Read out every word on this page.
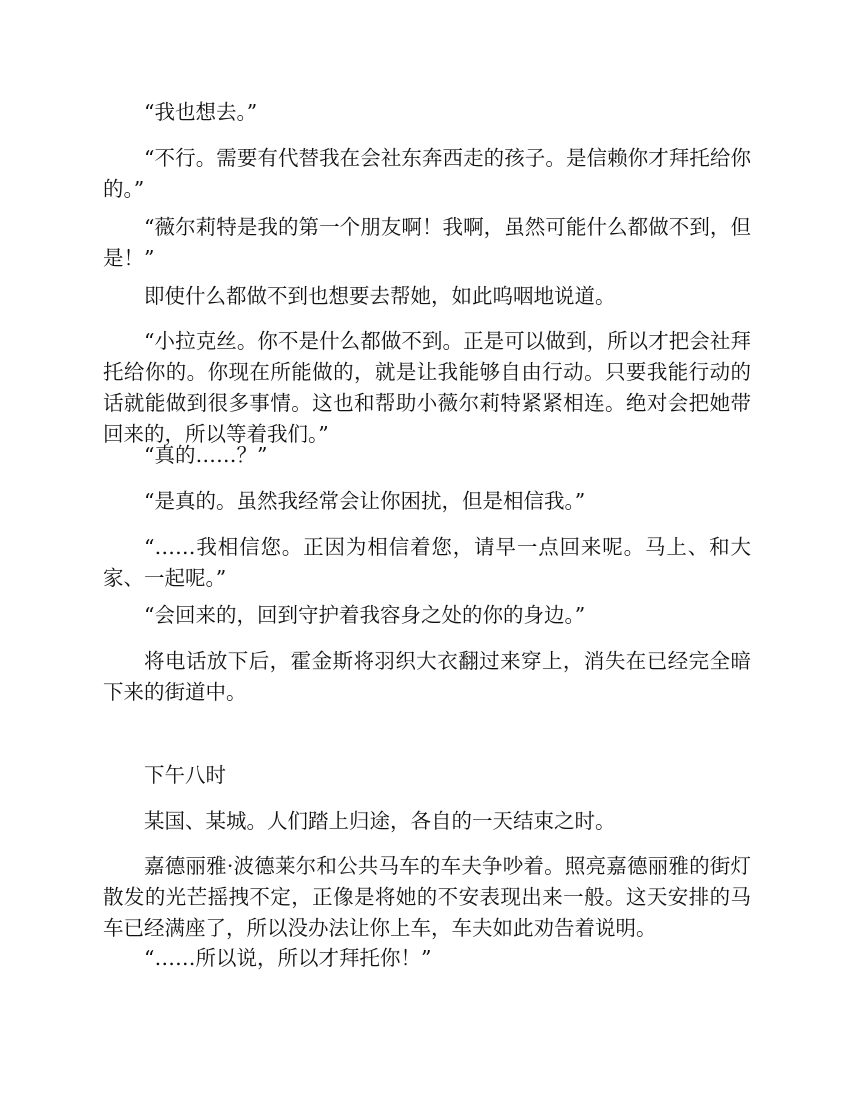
“我也想去。”

“不行。需要有代替我在会社东奔西走的孩子。是信赖你才拜托给你的。”

“薇尔莉特是我的第一个朋友啊！我啊，虽然可能什么都做不到，但是！”

即使什么都做不到也想要去帮她，如此呜咽地说道。

“小拉克丝。你不是什么都做不到。正是可以做到，所以才把会社拜托给你的。你现在所能做的，就是让我能够自由行动。只要我能行动的话就能做到很多事情。这也和帮助小薇尔莉特紧紧相连。绝对会把她带回来的，所以等着我们。”

“真的……？”

“是真的。虽然我经常会让你困扰，但是相信我。”

“……我相信您。正因为相信着您，请早一点回来呢。马上、和大家、一起呢。”

“会回来的，回到守护着我容身之处的你的身边。”

将电话放下后，霍金斯将羽织大衣翻过来穿上，消失在已经完全暗下来的街道中。

下午八时

某国、某城。人们踏上归途，各自的一天结束之时。

嘉德丽雅·波德莱尔和公共马车的车夫争吵着。照亮嘉德丽雅的街灯散发的光芒摇拽不定，正像是将她的不安表现出来一般。这天安排的马车已经满座了，所以没办法让你上车，车夫如此劝告着说明。

“……所以说，所以才拜托你！”
